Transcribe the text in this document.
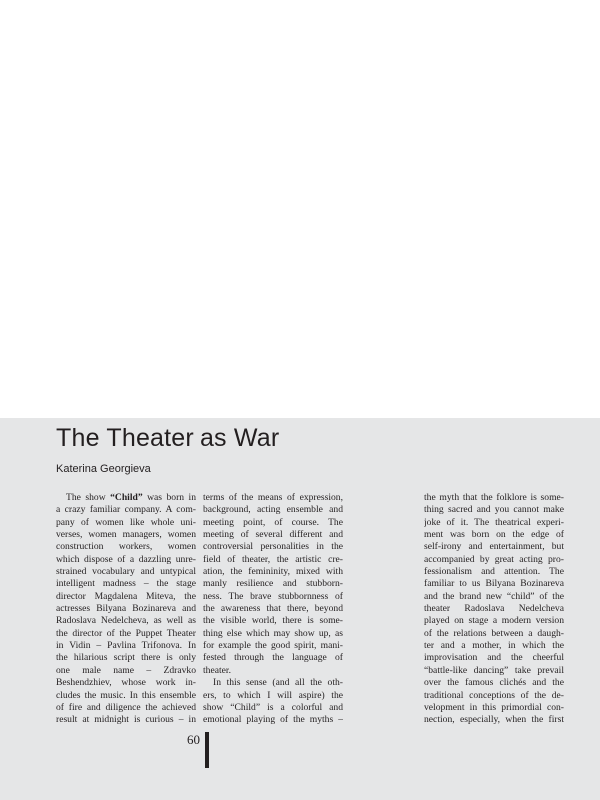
The Theater as War
Katerina Georgieva
The show “Child” was born in
a crazy familiar company. A com-
pany of women like whole uni-
verses, women managers, women
construction workers, women
which dispose of a dazzling unre-
strained vocabulary and untypical
intelligent madness – the stage
director Magdalena Miteva, the
actresses Bilyana Bozinareva and
Radoslava Nedelcheva, as well as
the director of the Puppet Theater
in Vidin – Pavlina Trifonova. In
the hilarious script there is only
one male name – Zdravko
Beshendzhiev, whose work in-
cludes the music. In this ensemble
of fire and diligence the achieved
result at midnight is curious – in
terms of the means of expression,
background, acting ensemble and
meeting point, of course. The
meeting of several different and
controversial personalities in the
field of theater, the artistic cre-
ation, the femininity, mixed with
manly resilience and stubborn-
ness. The brave stubbornness of
the awareness that there, beyond
the visible world, there is some-
thing else which may show up, as
for example the good spirit, mani-
fested through the language of
theater.
In this sense (and all the oth-
ers, to which I will aspire) the
show “Child” is a colorful and
emotional playing of the myths –
the myth that the folklore is some-
thing sacred and you cannot make
joke of it. The theatrical experi-
ment was born on the edge of
self-irony and entertainment, but
accompanied by great acting pro-
fessionalism and attention. The
familiar to us Bilyana Bozinareva
and the brand new “child” of the
theater Radoslava Nedelcheva
played on stage a modern version
of the relations between a daugh-
ter and a mother, in which the
improvisation and the cheerful
“battle-like dancing” take prevail
over the famous clichés and the
traditional conceptions of the de-
velopment in this primordial con-
nection, especially, when the first
60
